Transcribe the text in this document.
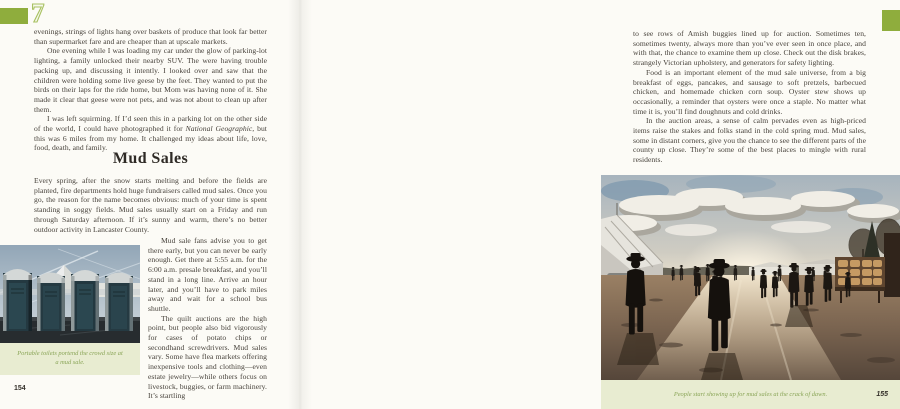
7

evenings, strings of lights hang over baskets of produce that look far better than supermarket fare and are cheaper than at upscale markets.

One evening while I was loading my car under the glow of parking-lot lighting, a family unlocked their nearby SUV. The were having trouble packing up, and discussing it intently. I looked over and saw that the children were holding some live geese by the feet. They wanted to put the birds on their laps for the ride home, but Mom was having none of it. She made it clear that geese were not pets, and was not about to clean up after them.

I was left squirming. If I’d seen this in a parking lot on the other side of the world, I could have photographed it for National Geographic, but this was 6 miles from my home. It challenged my ideas about life, love, food, death, and family.

Mud Sales

Every spring, after the snow starts melting and before the fields are planted, fire departments hold huge fundraisers called mud sales. Once you go, the reason for the name becomes obvious: much of your time is spent standing in soggy fields. Mud sales usually start on a Friday and run through Saturday afternoon. If it’s sunny and warm, there’s no better outdoor activity in Lancaster County.

Mud sale fans advise you to get there early, but you can never be early enough. Get there at 5:55 a.m. for the 6:00 a.m. presale breakfast, and you’ll stand in a long line. Arrive an hour later, and you’ll have to park miles away and wait for a school bus shuttle.

The quilt auctions are the high point, but people also bid vigorously for cases of potato chips or secondhand screwdrivers. Mud sales vary. Some have flea markets offering inexpensive tools and clothing—even estate jewelry—while others focus on livestock, buggies, or farm machinery. It’s startling

Portable toilets portend the crowd size at a mud sale.
154

to see rows of Amish buggies lined up for auction. Sometimes ten, sometimes twenty, always more than you’ve ever seen in once place, and with that, the chance to examine them up close. Check out the disk brakes, strangely Victorian upholstery, and generators for safety lighting.

Food is an important element of the mud sale universe, from a big breakfast of eggs, pancakes, and sausage to soft pretzels, barbecued chicken, and homemade chicken corn soup. Oyster stew shows up occasionally, a reminder that oysters were once a staple. No matter what time it is, you’ll find doughnuts and cold drinks.

In the auction areas, a sense of calm pervades even as high-priced items raise the stakes and folks stand in the cold spring mud. Mud sales, some in distant corners, give you the chance to see the different parts of the county up close. They’re some of the best places to mingle with rural residents.

People start showing up for mud sales at the crack of dawn.	155
